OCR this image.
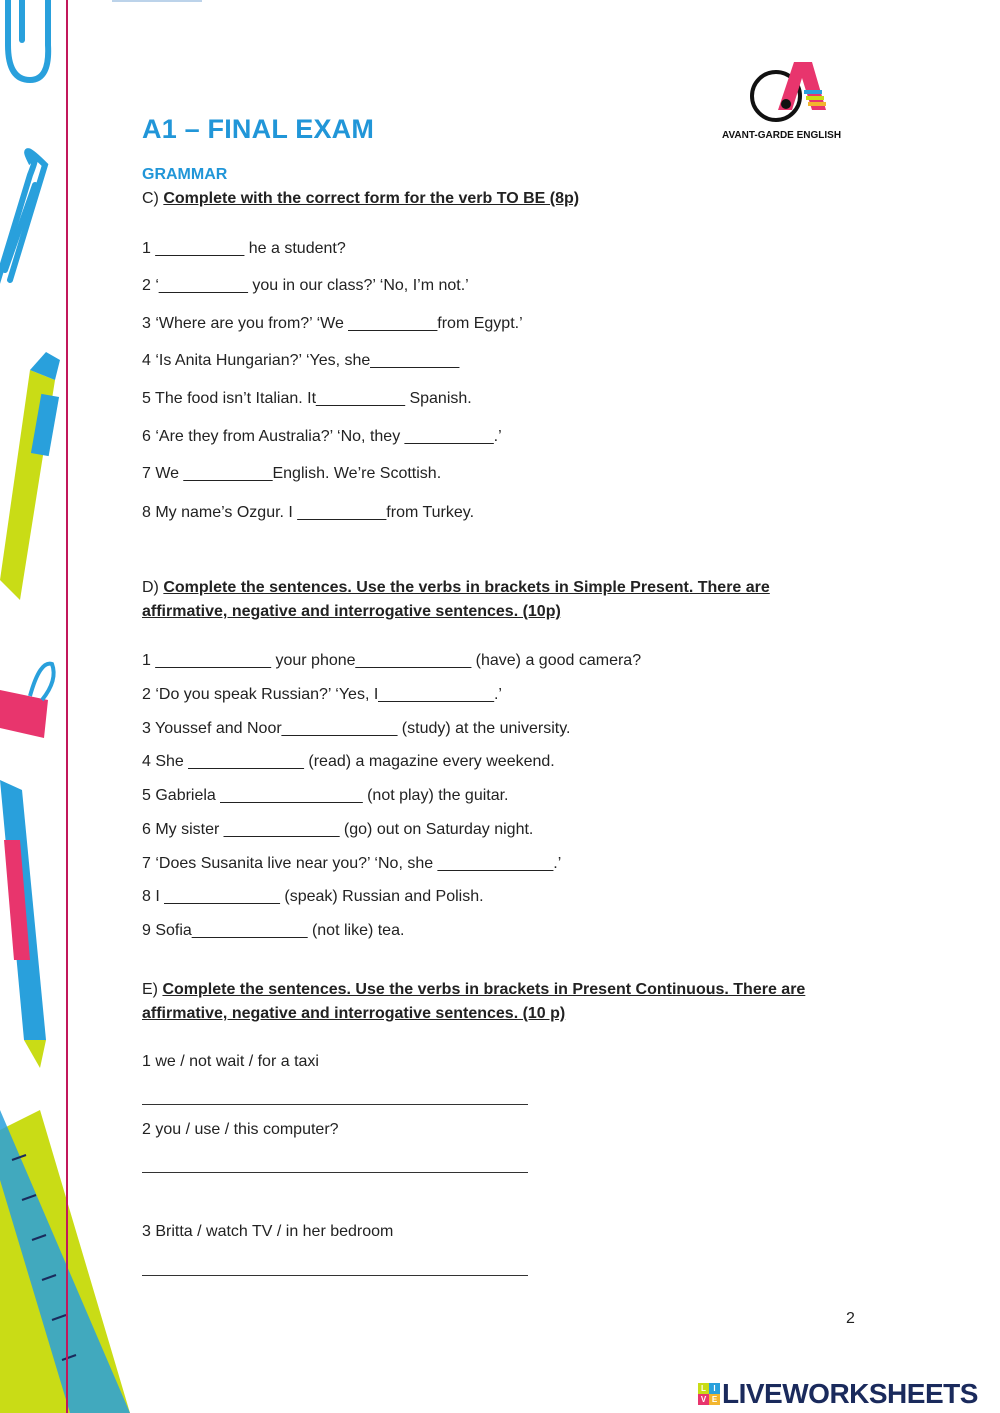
A1 – FINAL EXAM	AVANT-GARDE ENGLISH
GRAMMAR
C) Complete with the correct form for the verb TO BE (8p)
1 __________ he a student?
2 ‘__________ you in our class?’ ‘No, I’m not.’
3 ‘Where are you from?’ ‘We __________from Egypt.’
4 ‘Is Anita Hungarian?’ ‘Yes, she__________
5 The food isn’t Italian. It__________ Spanish.
6 ‘Are they from Australia?’ ‘No, they __________.’
7 We __________English. We’re Scottish.
8 My name’s Ozgur. I __________from Turkey.
D) Complete the sentences. Use the verbs in brackets in Simple Present. There are
affirmative, negative and interrogative sentences. (10p)
1 _____________ your phone_____________ (have) a good camera?
2 ‘Do you speak Russian?’ ‘Yes, I_____________.’
3 Youssef and Noor_____________ (study) at the university.
4 She _____________ (read) a magazine every weekend.
5 Gabriela ________________ (not play) the guitar.
6 My sister _____________ (go) out on Saturday night.
7 ‘Does Susanita live near you?’ ‘No, she _____________.’
8 I _____________ (speak) Russian and Polish.
9 Sofia_____________ (not like) tea.
E) Complete the sentences. Use the verbs in brackets in Present Continuous. There are
affirmative, negative and interrogative sentences. (10 p)
1 we / not wait / for a taxi
2 you / use / this computer?
3 Britta / watch TV / in her bedroom
2
L I
V E LIVEWORKSHEETS
